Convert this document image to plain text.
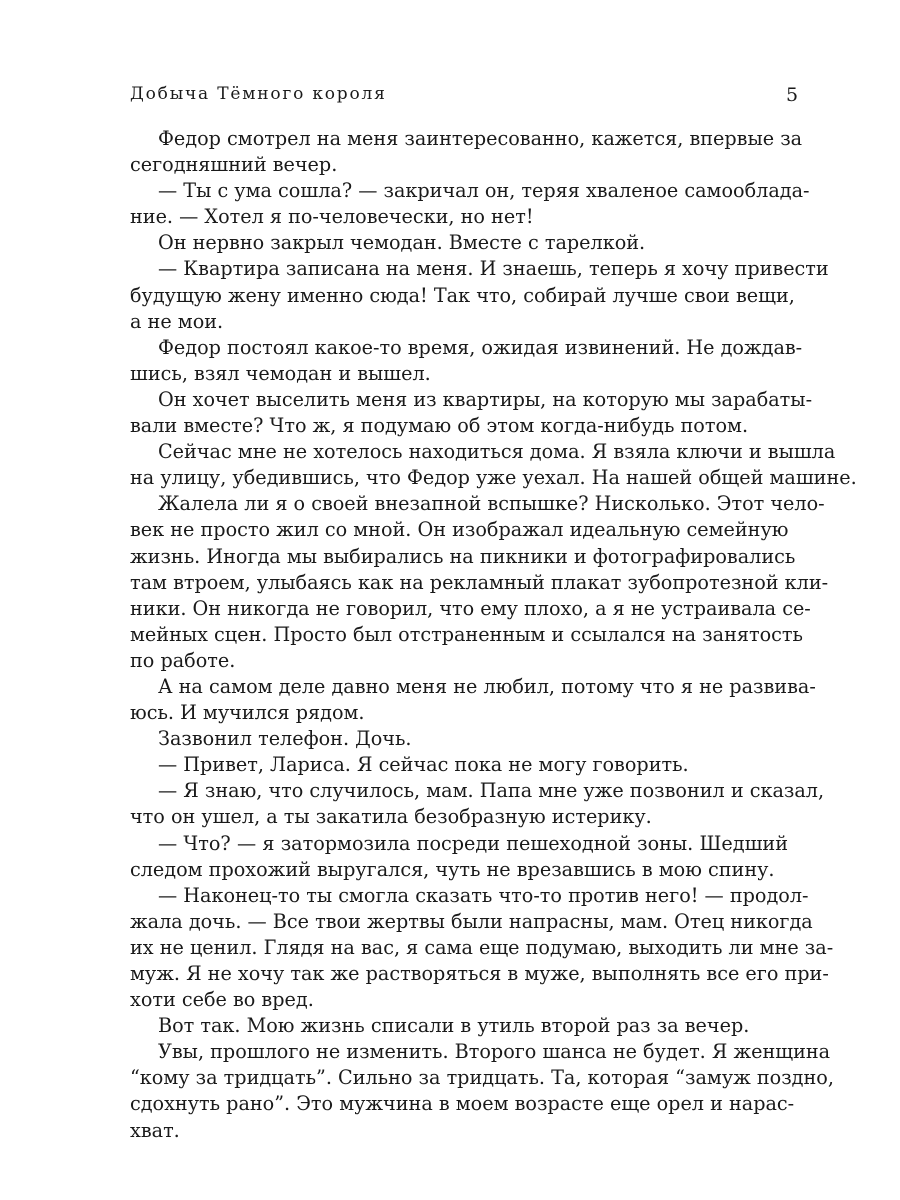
Добыча Тёмного короля	5
Федор смотрел на меня заинтересованно, кажется, впервые за
сегодняшний вечер.
— Ты с ума сошла? — закричал он, теряя хваленое самооблада-
ние. — Хотел я по-человечески, но нет!
Он нервно закрыл чемодан. Вместе с тарелкой.
— Квартира записана на меня. И знаешь, теперь я хочу привести
будущую жену именно сюда! Так что, собирай лучше свои вещи,
а не мои.
Федор постоял какое-то время, ожидая извинений. Не дождав-
шись, взял чемодан и вышел.
Он хочет выселить меня из квартиры, на которую мы зарабаты-
вали вместе? Что ж, я подумаю об этом когда-нибудь потом.
Сейчас мне не хотелось находиться дома. Я взяла ключи и вышла
на улицу, убедившись, что Федор уже уехал. На нашей общей машине.
Жалела ли я о своей внезапной вспышке? Нисколько. Этот чело-
век не просто жил со мной. Он изображал идеальную семейную
жизнь. Иногда мы выбирались на пикники и фотографировались
там втроем, улыбаясь как на рекламный плакат зубопротезной кли-
ники. Он никогда не говорил, что ему плохо, а я не устраивала се-
мейных сцен. Просто был отстраненным и ссылался на занятость
по работе.
А на самом деле давно меня не любил, потому что я не развива-
юсь. И мучился рядом.
Зазвонил телефон. Дочь.
— Привет, Лариса. Я сейчас пока не могу говорить.
— Я знаю, что случилось, мам. Папа мне уже позвонил и сказал,
что он ушел, а ты закатила безобразную истерику.
— Что? — я затормозила посреди пешеходной зоны. Шедший
следом прохожий выругался, чуть не врезавшись в мою спину.
— Наконец-то ты смогла сказать что-то против него! — продол-
жала дочь. — Все твои жертвы были напрасны, мам. Отец никогда
их не ценил. Глядя на вас, я сама еще подумаю, выходить ли мне за-
муж. Я не хочу так же растворяться в муже, выполнять все его при-
хоти себе во вред.
Вот так. Мою жизнь списали в утиль второй раз за вечер.
Увы, прошлого не изменить. Второго шанса не будет. Я женщина
“кому за тридцать”. Сильно за тридцать. Та, которая “замуж поздно,
сдохнуть рано”. Это мужчина в моем возрасте еще орел и нарас-
хват.
